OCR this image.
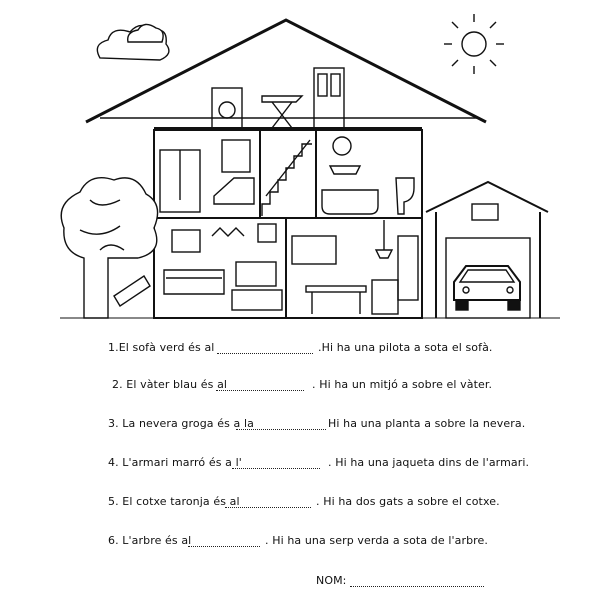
1.El sofà verd és al	.Hi ha una pilota a sota el sofà.
2. El vàter blau és al	. Hi ha un mitjó a sobre el vàter.
3. La nevera groga és a la	Hi ha una planta a sobre la nevera.
4. L'armari marró és a l'	. Hi ha una jaqueta dins de l'armari.
5. El cotxe taronja és al	. Hi ha dos gats a sobre el cotxe.
6. L'arbre és al	. Hi ha una serp verda a sota de l'arbre.
NOM:
